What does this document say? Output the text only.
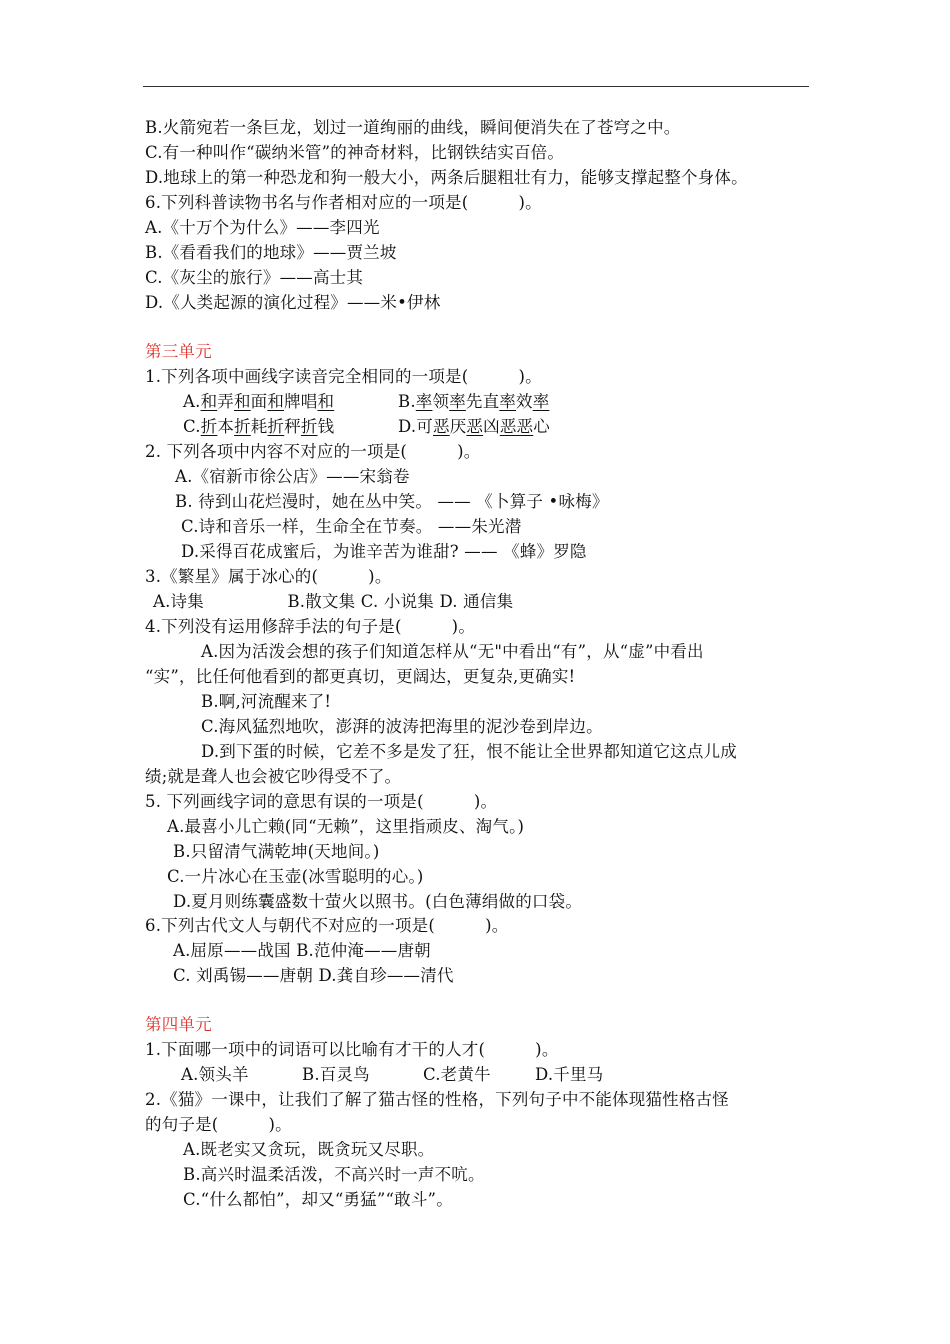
B.火箭宛若一条巨龙，划过一道绚丽的曲线，瞬间便消失在了苍穹之中。
C.有一种叫作“碳纳米管”的神奇材料，比钢铁结实百倍。
D.地球上的第一种恐龙和狗一般大小，两条后腿粗壮有力，能够支撑起整个身体。
6.下列科普读物书名与作者相对应的一项是(　　　)。
A.《十万个为什么》——李四光
B.《看看我们的地球》——贾兰坡
C.《灰尘的旅行》——高士其
D.《人类起源的演化过程》——米•伊林
第三单元
1.下列各项中画线字读音完全相同的一项是(　　　)。
A.和弄和面和牌唱和	B.率领率先直率效率
C.折本折耗折秤折钱	D.可恶厌恶凶恶恶心
2. 下列各项中内容不对应的一项是(　　　)。
A.《宿新市徐公店》——宋翁卷
B. 待到山花烂漫时，她在丛中笑。 —— 《卜算子 •咏梅》
C.诗和音乐一样，生命全在节奏。 ——朱光潜
D.采得百花成蜜后，为谁辛苦为谁甜? —— 《蜂》罗隐
3.《繁星》属于冰心的(　　　)。
A.诗集　　　　　B.散文集 C. 小说集 D. 通信集
4.下列没有运用修辞手法的句子是(　　　)。
A.因为活泼会想的孩子们知道怎样从“无"中看出“有”，从“虚”中看出
“实”，比任何他看到的都更真切，更阔达，更复杂,更确实!
B.啊,河流醒来了!
C.海风猛烈地吹，澎湃的波涛把海里的泥沙卷到岸边。
D.到下蛋的时候，它差不多是发了狂，恨不能让全世界都知道它这点儿成
绩;就是聋人也会被它吵得受不了。
5. 下列画线字词的意思有误的一项是(　　　)。
A.最喜小儿亡赖(同“无赖”，这里指顽皮、淘气。)
B.只留清气满乾坤(天地间。)
C.一片冰心在玉壶(冰雪聪明的心。)
D.夏月则练囊盛数十萤火以照书。(白色薄绢做的口袋。
6.下列古代文人与朝代不对应的一项是(　　　)。
A.屈原——战国 B.范仲淹——唐朝
C. 刘禹锡——唐朝 D.龚自珍——清代
第四单元
1.下面哪一项中的词语可以比喻有才干的人才(　　　)。
A.领头羊	B.百灵鸟	C.老黄牛	D.千里马
2.《猫》一课中，让我们了解了猫古怪的性格，下列句子中不能体现猫性格古怪
的句子是(　　　)。
A.既老实又贪玩，既贪玩又尽职。
B.高兴时温柔活泼，不高兴时一声不吭。
C.“什么都怕”，却又“勇猛”“敢斗”。
